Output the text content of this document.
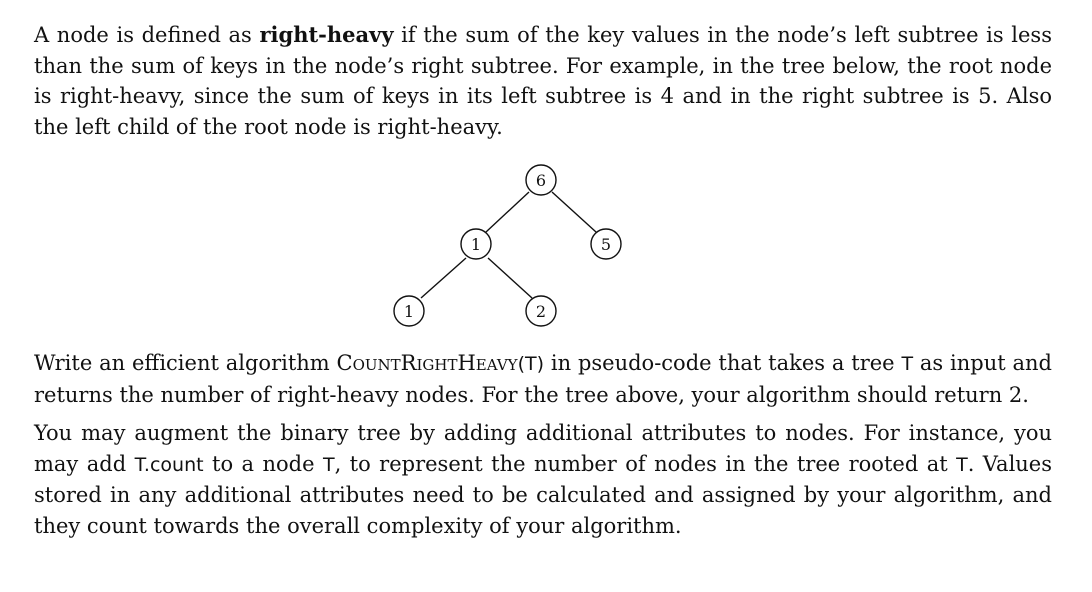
A node is defined as right-heavy if the sum of the key values in the node’s left subtree is less than the sum of keys in the node’s right subtree. For example, in the tree below, the root node is right-heavy, since the sum of keys in its left subtree is 4 and in the right subtree is 5. Also the left child of the root node is right-heavy.

Write an efficient algorithm CountRightHeavy(T) in pseudo-code that takes a tree T as input and returns the number of right-heavy nodes. For the tree above, your algorithm should return 2.

You may augment the binary tree by adding additional attributes to nodes. For instance, you may add T.count to a node T, to represent the number of nodes in the tree rooted at T. Values stored in any additional attributes need to be calculated and assigned by your algorithm, and they count towards the overall complexity of your algorithm.

6
1	5
1	2
